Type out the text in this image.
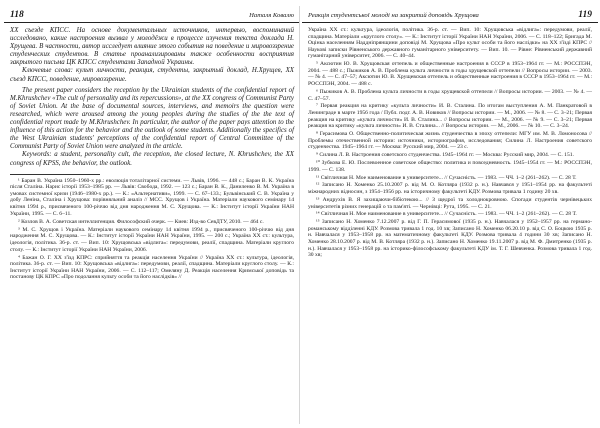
118	Наталя Ковалю

ХХ съезде КПСС. На основе документальных источников, интервью, воспоминаний исследовано, какие настроения вызвал у молодёжи в процессе изучения текста доклада Н. Хрущева. В частности, автор исследует влияние этого события на поведение и мировоззрение студенческих студентов. В статье проанализированы также особенности восприятия закрытого письма ЦК КПСС студентами Западной Украины.

Ключевые слова: культ личности, реакция, студенты, закрытый доклад, Н.Хрущев, ХХ съезд КПСС, поведение, мировоззрение.

The present paper considers the reception by the Ukrainian students of the confidential report of M.Khrushchev «The cult of personality and its repercussions», at the XX congress of Communist Party of Soviet Union. At the base of documental sources, interviews, and memoirs the question were researched, which were aroused among the young peoples during the studies of the the text of confidential report made by M.Khrushchev. In particular, the author of the paper pays attention to the influence of this action for the behavior and the outlook of some students. Additionally the specifics of the West Ukrainian students' perceptions of the confidential report of Central Committee of the Communist Party of Soviet Union were analyzed in the article.

Keywords: a student, personality cult, the reception, the closed lecture, N. Khrushchev, the XX congress of KPSS, the behavior, the outlook.

¹ Баран В. Україна 1950–1960-х рр.: еволюція тоталітарної системи. — Львів, 1996. — 448 с.; Баран В. К. Україна після Сталіна. Нарис історії 1953–1985 рр. — Львів: Свобода, 1992. — 123 с.; Баран В. К., Даниленко В. М. Україна в умовах системної кризи (1946–1980-х рр.). — К.: «Альтернативи», 1999. — С. 67–133.; Бульвінський С. В. Україна у добу Леніна, Сталіна і Хрущова: порівняльний аналіз // МСС. Хрущов і Україна. Матеріали наукового семінару 14 квітня 1994 р., присвяченого 100-річчю від дня народження М. С. Хрущова. — К.: Інститут історії України НАН України, 1995. — С. 6–11.

² Козлов В. А. Советская интеллигенция. Философский очерк. — Киев: Изд-во СевДТУ, 2010. — 464 с.

³ М. С. Хрущов і Україна. Матеріали наукового семінару 14 квітня 1994 р., присвяченого 100-річчю від дня народження М. С. Хрущова. — К.: Інститут історії України НАН України, 1995. — 200 с.; Україна ХХ ст.: культура, ідеологія, політика. 36-р. ст. — Вип. 10: Хрущовська «відлига»: передумови, реалії, спадщина. Матеріали круглого столу. — К.: Інститут історії України НАН України, 2006.

⁴ Бажан О. Г. ХХ з'їзд КПРС: сприйняття та реакція населення України // Україна ХХ ст.: культура, ідеологія, політика. 36-р. ст. — Вип. 10: Хрущовська «відлига»: передумови, реалії, спадщина. Матеріали круглого столу. — К.: Інститут історії України НАН України, 2006. — С. 112–117; Омеляну Д. Реакція населення Кримської доповідь та постанову ЦК КПРС «Про подолання культу особи та його наслідків» //

Реакція студентської молоді на закритий доповідь Хрущова	119

Україна ХХ ст.: культура, ідеологія, політика. 36-р. ст. — Вип. 10: Хрущовська «відлига»: передумови, реалії, спадщина. Матеріали «круглого столу». — К.: Інститут історії України НАН України, 2006. — С. 118–122; Бригада М. Оцінка населенням Наддніпрянщини доповіді М. Хрущова «Про культ особи та його наслідки» на ХХ з'їзді КПРС // Науковi записки Рівненського державного гуманітарного університету. — Вип. 10. — Рівне: Рівненський державний гуманітарний університет, 2006. — С. 40–44.

⁵ Аксютин Ю. В. Хрущовская оттепель и общественные настроения в СССР в 1953–1964 гг. — М.: РОССПЭН, 2004. — 488 с.; Пыжиков А. В. Проблема культа личности в годы хрущевской оттепели // Вопросы истории. — 2003. — № 4. — С. 47–57; Аксютин Ю. В. Хрущевская оттепель и общественные настроения в СССР в 1953–1964 гг. — М.: РОССПЭН, 2004. — 488 с.

⁶ Пыжиков А. В. Проблема культа личности в годы хрущевской оттепели // Вопросы истории. — 2003. — № 4. — С. 47–57.

⁷ Первая реакция на критику «культа личности» И. В. Сталина. По итогам выступления А. М. Панкратовой в Ленинграде в марте 1956 года / Публ. подг. А. В. Новиков // Вопросы истории. — М., 2006. — № 8. — С. 3–21; Первая реакция на критику «культа личности» И. В. Сталина... // Вопросы истории. — М., 2006. — № 9. — С. 3–21; Первая реакция на критику «культа личности» И. В. Сталина... // Вопросы истории. — М., 2006. — № 10. — С. 3–24.

⁸ Герасимова О. Общественно-политическая жизнь студенчества в эпоху оттепели: МГУ им. М. В. Ломоносова // Проблемы отечественной истории: источники, историография, исследования; Силина Л. Настроения советского студенчества. 1945–1964 гг. — Москва: Русский мир, 2004. — 23 с.

⁹ Силина Л. В. Настроения советского студенчества. 1945–1964 гг. — Москва: Русский мир, 2004. — С. 151.

¹⁰ Зубкова Е. Ю. Послевоенное советское общество: политика и повседневность. 1945–1954 гг. — М.: РОССПЭН, 1999. — С. 138.

¹¹ Свiтличная Н. Мое наименование в университете... // Сучасність. — 1983. — ЧЧ. 1–2 (261–262). — С. 28 Т.

¹² Записано Н. Хоменко 25.10.2007 р. від М. О. Котляра (1932 р. н.). Навчався у 1951–1954 рр. на факультеті міжнародних відносин, з 1954–1956 рр. на історичному факультеті КДУ. Розмова тривала 1 годину 20 хв.

¹³ Андруxiв В. Я захищаючи-бібіотекою... // З щедрої та холоднокровною. Спогади студентів чернівецьких університетів різних генерацій о та пам'яті. — Чернівці: Рута, 1995. — С. 21.

¹⁴ Свiтличная Н. Мое наименование в университете... // Сучасність. — 1983. — ЧЧ. 1–2 (261–262). — С. 28 Т.

¹⁵ Записано Н. Хоменко 7.12.2007 р. від Г. П. Герасимової (1935 р. н.). Навчалася у 1952–1957 рр. на германо-романському відділенні КДУ. Розмова тривала 1 год. 10 хв; Записано Н. Хоменко 06.20.10 р. від С. О. Боцкою 1935 р. н. Навчалася у 1953–1958 рр. на математичному факультеті КДУ. Розмова тривала 4 години 30 хв; Записано Н. Хоменко 28.10.2007 р. від М. В. Котляра (1932 р. н.). Записано Н. Хоменко 19.11.2007 р. від М. Ф. Дмитренко (1935 р. н.). Навчалася у 1953–1958 рр. на історико-філософському факультеті КДУ ім. Т. Г. Шевченка. Розмова тривала 1 год. 30 хв;
